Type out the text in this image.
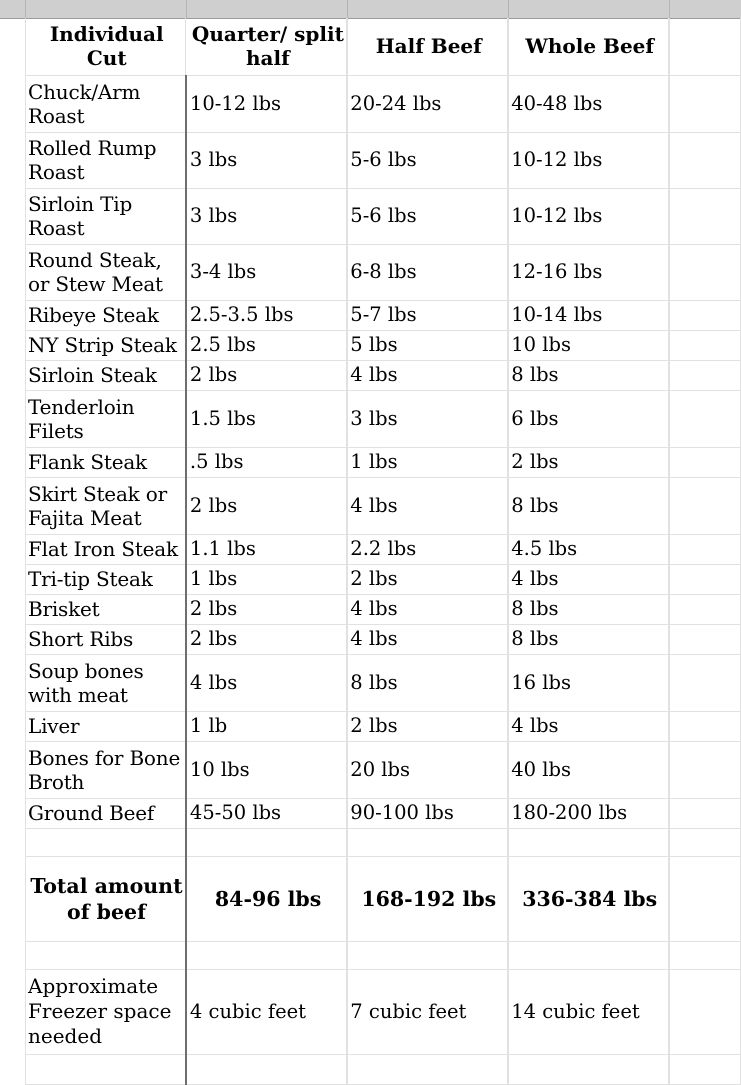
Individual Cut	Quarter/ split half	Half Beef	Whole Beef	
Chuck/Arm Roast	10-12 lbs	20-24 lbs	40-48 lbs	
Rolled Rump Roast	3 lbs	5-6 lbs	10-12 lbs	
Sirloin Tip Roast	3 lbs	5-6 lbs	10-12 lbs	
Round Steak, or Stew Meat	3-4 lbs	6-8 lbs	12-16 lbs	
Ribeye Steak	2.5-3.5 lbs	5-7 lbs	10-14 lbs	
NY Strip Steak	2.5 lbs	5 lbs	10 lbs	
Sirloin Steak	2 lbs	4 lbs	8 lbs	
Tenderloin Filets	1.5 lbs	3 lbs	6 lbs	
Flank Steak	.5 lbs	1 lbs	2 lbs	
Skirt Steak or Fajita Meat	2 lbs	4 lbs	8 lbs	
Flat Iron Steak	1.1 lbs	2.2 lbs	4.5 lbs	
Tri-tip Steak	1 lbs	2 lbs	4 lbs	
Brisket	2 lbs	4 lbs	8 lbs	
Short Ribs	2 lbs	4 lbs	8 lbs	
Soup bones with meat	4 lbs	8 lbs	16 lbs	
Liver	1 lb	2 lbs	4 lbs	
Bones for Bone Broth	10 lbs	20 lbs	40 lbs	
Ground Beef	45-50 lbs	90-100 lbs	180-200 lbs	

Total amount of beef	84-96 lbs	168-192 lbs	336-384 lbs	

Approximate Freezer space needed	4 cubic feet	7 cubic feet	14 cubic feet	
